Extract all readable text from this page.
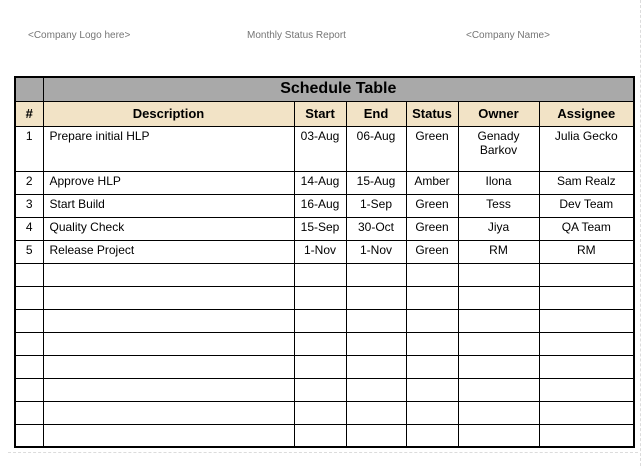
<Company Logo here>	Monthly Status Report	<Company Name>
	Schedule Table					
#	Description	Start	End	Status	Owner	Assignee
1	Prepare initial HLP	03-Aug	06-Aug	Green	Genady Barkov	Julia Gecko
2	Approve HLP	14-Aug	15-Aug	Amber	Ilona	Sam Realz
3	Start Build	16-Aug	1-Sep	Green	Tess	Dev Team
4	Quality Check	15-Sep	30-Oct	Green	Jiya	QA Team
5	Release Project	1-Nov	1-Nov	Green	RM	RM
